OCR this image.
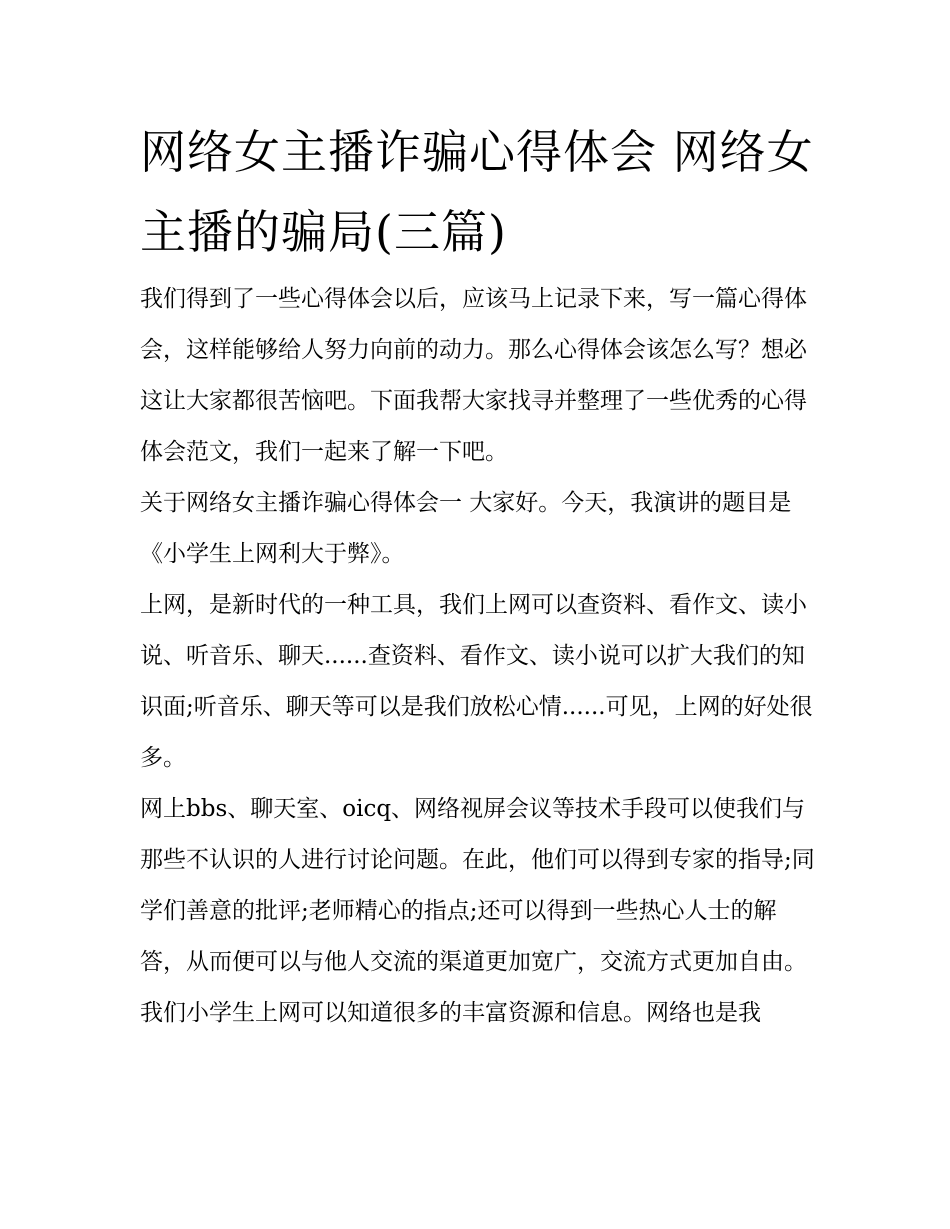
网络女主播诈骗心得体会 网络女主播的骗局(三篇)

我们得到了一些心得体会以后，应该马上记录下来，写一篇心得体会，这样能够给人努力向前的动力。那么心得体会该怎么写？想必这让大家都很苦恼吧。下面我帮大家找寻并整理了一些优秀的心得体会范文，我们一起来了解一下吧。

关于网络女主播诈骗心得体会一 大家好。今天，我演讲的题目是《小学生上网利大于弊》。

上网，是新时代的一种工具，我们上网可以查资料、看作文、读小说、听音乐、聊天......查资料、看作文、读小说可以扩大我们的知识面;听音乐、聊天等可以是我们放松心情......可见，上网的好处很多。

网上bbs、聊天室、oicq、网络视屏会议等技术手段可以使我们与那些不认识的人进行讨论问题。在此，他们可以得到专家的指导;同学们善意的批评;老师精心的指点;还可以得到一些热心人士的解答，从而便可以与他人交流的渠道更加宽广，交流方式更加自由。

我们小学生上网可以知道很多的丰富资源和信息。网络也是我
